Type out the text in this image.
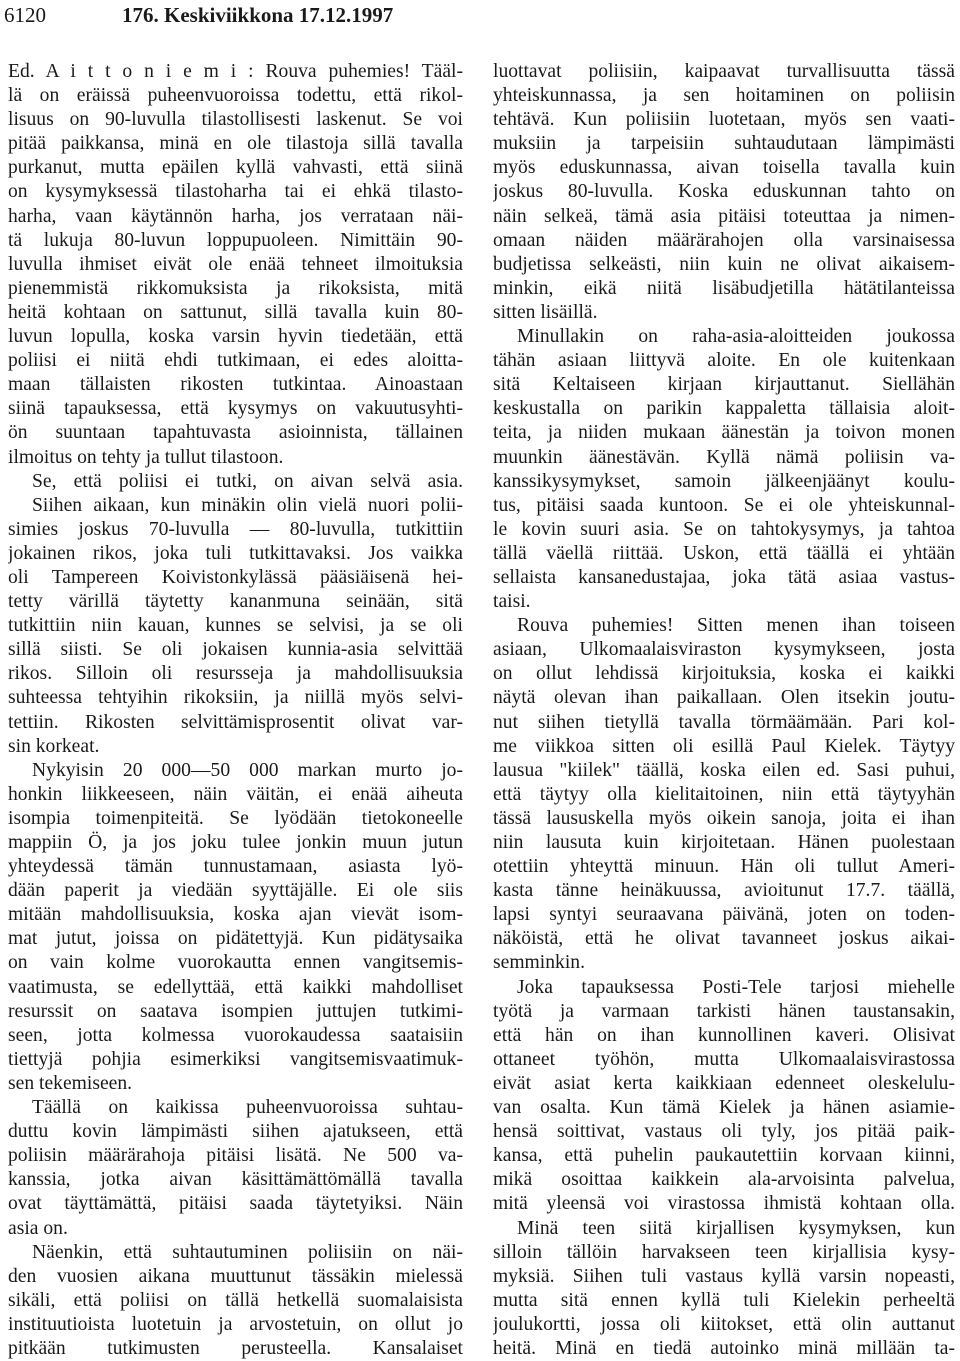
6120	176. Keskiviikkona 17.12.1997
Ed. A i t t o n i e m i : Rouva puhemies! Tääl-
lä on eräissä puheenvuoroissa todettu, että rikol-
lisuus on 90-luvulla tilastollisesti laskenut. Se voi
pitää paikkansa, minä en ole tilastoja sillä tavalla
purkanut, mutta epäilen kyllä vahvasti, että siinä
on kysymyksessä tilastoharha tai ei ehkä tilasto-
harha, vaan käytännön harha, jos verrataan näi-
tä lukuja 80-luvun loppupuoleen. Nimittäin 90-
luvulla ihmiset eivät ole enää tehneet ilmoituksia
pienemmistä rikkomuksista ja rikoksista, mitä
heitä kohtaan on sattunut, sillä tavalla kuin 80-
luvun lopulla, koska varsin hyvin tiedetään, että
poliisi ei niitä ehdi tutkimaan, ei edes aloitta-
maan tällaisten rikosten tutkintaa. Ainoastaan
siinä tapauksessa, että kysymys on vakuutusyhti-
ön suuntaan tapahtuvasta asioinnista, tällainen
ilmoitus on tehty ja tullut tilastoon.
Se, että poliisi ei tutki, on aivan selvä asia.
Siihen aikaan, kun minäkin olin vielä nuori polii-
simies joskus 70-luvulla — 80-luvulla, tutkittiin
jokainen rikos, joka tuli tutkittavaksi. Jos vaikka
oli Tampereen Koivistonkylässä pääsiäisenä hei-
tetty värillä täytetty kananmuna seinään, sitä
tutkittiin niin kauan, kunnes se selvisi, ja se oli
sillä siisti. Se oli jokaisen kunnia-asia selvittää
rikos. Silloin oli resursseja ja mahdollisuuksia
suhteessa tehtyihin rikoksiin, ja niillä myös selvi-
tettiin. Rikosten selvittämisprosentit olivat var-
sin korkeat.
Nykyisin 20 000—50 000 markan murto jo-
honkin liikkeeseen, näin väitän, ei enää aiheuta
isompia toimenpiteitä. Se lyödään tietokoneelle
mappiin Ö, ja jos joku tulee jonkin muun jutun
yhteydessä tämän tunnustamaan, asiasta lyö-
dään paperit ja viedään syyttäjälle. Ei ole siis
mitään mahdollisuuksia, koska ajan vievät isom-
mat jutut, joissa on pidätettyjä. Kun pidätysaika
on vain kolme vuorokautta ennen vangitsemis-
vaatimusta, se edellyttää, että kaikki mahdolliset
resurssit on saatava isompien juttujen tutkimi-
seen, jotta kolmessa vuorokaudessa saataisiin
tiettyjä pohjia esimerkiksi vangitsemisvaatimuk-
sen tekemiseen.
Täällä on kaikissa puheenvuoroissa suhtau-
duttu kovin lämpimästi siihen ajatukseen, että
poliisin määrärahoja pitäisi lisätä. Ne 500 va-
kanssia, jotka aivan käsittämättömällä tavalla
ovat täyttämättä, pitäisi saada täytetyiksi. Näin
asia on.
Näenkin, että suhtautuminen poliisiin on näi-
den vuosien aikana muuttunut tässäkin mielessä
sikäli, että poliisi on tällä hetkellä suomalaisista
instituutioista luotetuin ja arvostetuin, on ollut jo
pitkään tutkimusten perusteella. Kansalaiset
luottavat poliisiin, kaipaavat turvallisuutta tässä
yhteiskunnassa, ja sen hoitaminen on poliisin
tehtävä. Kun poliisiin luotetaan, myös sen vaati-
muksiin ja tarpeisiin suhtaudutaan lämpimästi
myös eduskunnassa, aivan toisella tavalla kuin
joskus 80-luvulla. Koska eduskunnan tahto on
näin selkeä, tämä asia pitäisi toteuttaa ja nimen-
omaan näiden määrärahojen olla varsinaisessa
budjetissa selkeästi, niin kuin ne olivat aikaisem-
minkin, eikä niitä lisäbudjetilla hätätilanteissa
sitten lisäillä.
Minullakin on raha-asia-aloitteiden joukossa
tähän asiaan liittyvä aloite. En ole kuitenkaan
sitä Keltaiseen kirjaan kirjauttanut. Siellähän
keskustalla on parikin kappaletta tällaisia aloit-
teita, ja niiden mukaan äänestän ja toivon monen
muunkin äänestävän. Kyllä nämä poliisin va-
kanssikysymykset, samoin jälkeenjäänyt koulu-
tus, pitäisi saada kuntoon. Se ei ole yhteiskunnal-
le kovin suuri asia. Se on tahtokysymys, ja tahtoa
tällä väellä riittää. Uskon, että täällä ei yhtään
sellaista kansanedustajaa, joka tätä asiaa vastus-
taisi.
Rouva puhemies! Sitten menen ihan toiseen
asiaan, Ulkomaalaisviraston kysymykseen, josta
on ollut lehdissä kirjoituksia, koska ei kaikki
näytä olevan ihan paikallaan. Olen itsekin joutu-
nut siihen tietyllä tavalla törmäämään. Pari kol-
me viikkoa sitten oli esillä Paul Kielek. Täytyy
lausua "kiilek" täällä, koska eilen ed. Sasi puhui,
että täytyy olla kielitaitoinen, niin että täytyyhän
tässä laususkella myös oikein sanoja, joita ei ihan
niin lausuta kuin kirjoitetaan. Hänen puolestaan
otettiin yhteyttä minuun. Hän oli tullut Ameri-
kasta tänne heinäkuussa, avioitunut 17.7. täällä,
lapsi syntyi seuraavana päivänä, joten on toden-
näköistä, että he olivat tavanneet joskus aikai-
semminkin.
Joka tapauksessa Posti-Tele tarjosi miehelle
työtä ja varmaan tarkisti hänen taustansakin,
että hän on ihan kunnollinen kaveri. Olisivat
ottaneet työhön, mutta Ulkomaalaisvirastossa
eivät asiat kerta kaikkiaan edenneet oleskelulu-
van osalta. Kun tämä Kielek ja hänen asiamie-
hensä soittivat, vastaus oli tyly, jos pitää paik-
kansa, että puhelin paukautettiin korvaan kiinni,
mikä osoittaa kaikkein ala-arvoisinta palvelua,
mitä yleensä voi virastossa ihmistä kohtaan olla.
Minä teen siitä kirjallisen kysymyksen, kun
silloin tällöin harvakseen teen kirjallisia kysy-
myksiä. Siihen tuli vastaus kyllä varsin nopeasti,
mutta sitä ennen kyllä tuli Kielekin perheeltä
joulukortti, jossa oli kiitokset, että olin auttanut
heitä. Minä en tiedä autoinko minä millään ta-
